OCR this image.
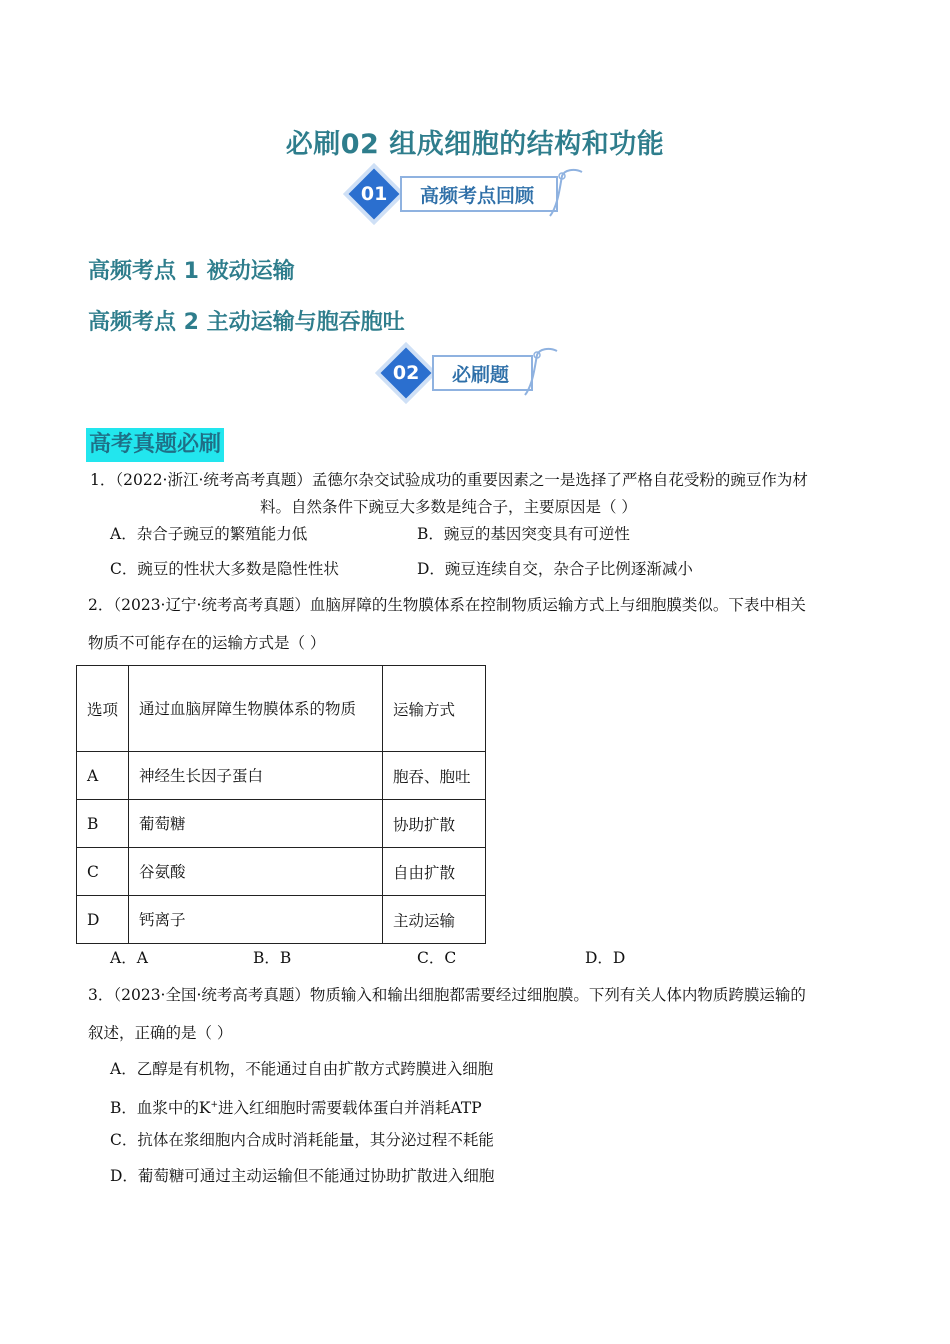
必刷02 组成细胞的结构和功能
01 高频考点回顾
高频考点 1 被动运输
高频考点 2 主动运输与胞吞胞吐
02 必刷题
高考真题必刷
1．（2022·浙江·统考高考真题）孟德尔杂交试验成功的重要因素之一是选择了严格自花受粉的豌豆作为材
料。自然条件下豌豆大多数是纯合子，主要原因是（ ）
A．杂合子豌豆的繁殖能力低	B．豌豆的基因突变具有可逆性
C．豌豆的性状大多数是隐性性状	D．豌豆连续自交，杂合子比例逐渐减小
2．（2023·辽宁·统考高考真题）血脑屏障的生物膜体系在控制物质运输方式上与细胞膜类似。下表中相关
物质不可能存在的运输方式是（ ）
选项	通过血脑屏障生物膜体系的物质	运输方式
A	神经生长因子蛋白	胞吞、胞吐
B	葡萄糖	协助扩散
C	谷氨酸	自由扩散
D	钙离子	主动运输
A．A	B．B	C．C	D．D
3．（2023·全国·统考高考真题）物质输入和输出细胞都需要经过细胞膜。下列有关人体内物质跨膜运输的
叙述，正确的是（ ）
A．乙醇是有机物，不能通过自由扩散方式跨膜进入细胞
B．血浆中的K+进入红细胞时需要载体蛋白并消耗ATP
C．抗体在浆细胞内合成时消耗能量，其分泌过程不耗能
D．葡萄糖可通过主动运输但不能通过协助扩散进入细胞
